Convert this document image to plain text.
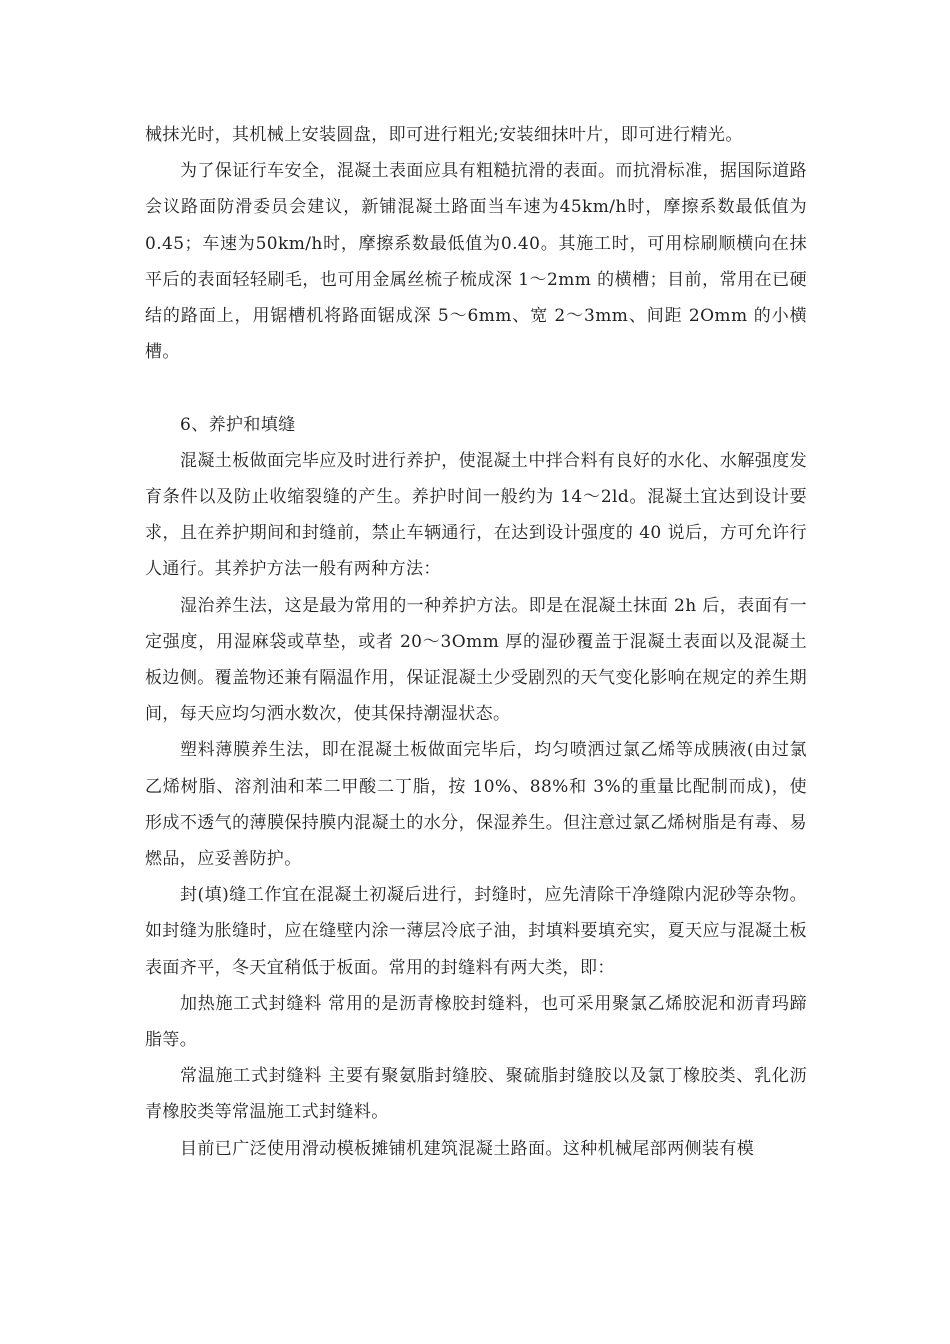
械抹光时，其机械上安装圆盘，即可进行粗光;安装细抹叶片，即可进行精光。

为了保证行车安全，混凝土表面应具有粗糙抗滑的表面。而抗滑标准，据国际道路会议路面防滑委员会建议，新铺混凝土路面当车速为45km/h时，摩擦系数最低值为0.45；车速为50km/h时，摩擦系数最低值为0.40。其施工时，可用棕刷顺横向在抹平后的表面轻轻刷毛，也可用金属丝梳子梳成深 1～2mm 的横槽；目前，常用在已硬结的路面上，用锯槽机将路面锯成深 5～6mm、宽 2～3mm、间距 2Omm 的小横槽。

6、养护和填缝

混凝土板做面完毕应及时进行养护，使混凝土中拌合料有良好的水化、水解强度发育条件以及防止收缩裂缝的产生。养护时间一般约为 14～2ld。混凝土宜达到设计要求，且在养护期间和封缝前，禁止车辆通行，在达到设计强度的 40 说后，方可允许行人通行。其养护方法一般有两种方法：

湿治养生法，这是最为常用的一种养护方法。即是在混凝土抹面 2h 后，表面有一定强度，用湿麻袋或草垫，或者 20～3Omm 厚的湿砂覆盖于混凝土表面以及混凝土板边侧。覆盖物还兼有隔温作用，保证混凝土少受剧烈的天气变化影响在规定的养生期间，每天应均匀洒水数次，使其保持潮湿状态。

塑料薄膜养生法，即在混凝土板做面完毕后，均匀喷洒过氯乙烯等成胰液(由过氯乙烯树脂、溶剂油和苯二甲酸二丁脂，按 10%、88%和 3%的重量比配制而成)，使形成不透气的薄膜保持膜内混凝土的水分，保湿养生。但注意过氯乙烯树脂是有毒、易燃品，应妥善防护。

封(填)缝工作宜在混凝土初凝后进行，封缝时，应先清除干净缝隙内泥砂等杂物。如封缝为胀缝时，应在缝壁内涂一薄层冷底子油，封填料要填充实，夏天应与混凝土板表面齐平，冬天宜稍低于板面。常用的封缝料有两大类，即：

加热施工式封缝料 常用的是沥青橡胶封缝料，也可采用聚氯乙烯胶泥和沥青玛蹄脂等。

常温施工式封缝料 主要有聚氨脂封缝胶、聚硫脂封缝胶以及氯丁橡胶类、乳化沥青橡胶类等常温施工式封缝料。

目前已广泛使用滑动模板摊铺机建筑混凝土路面。这种机械尾部两侧装有模
